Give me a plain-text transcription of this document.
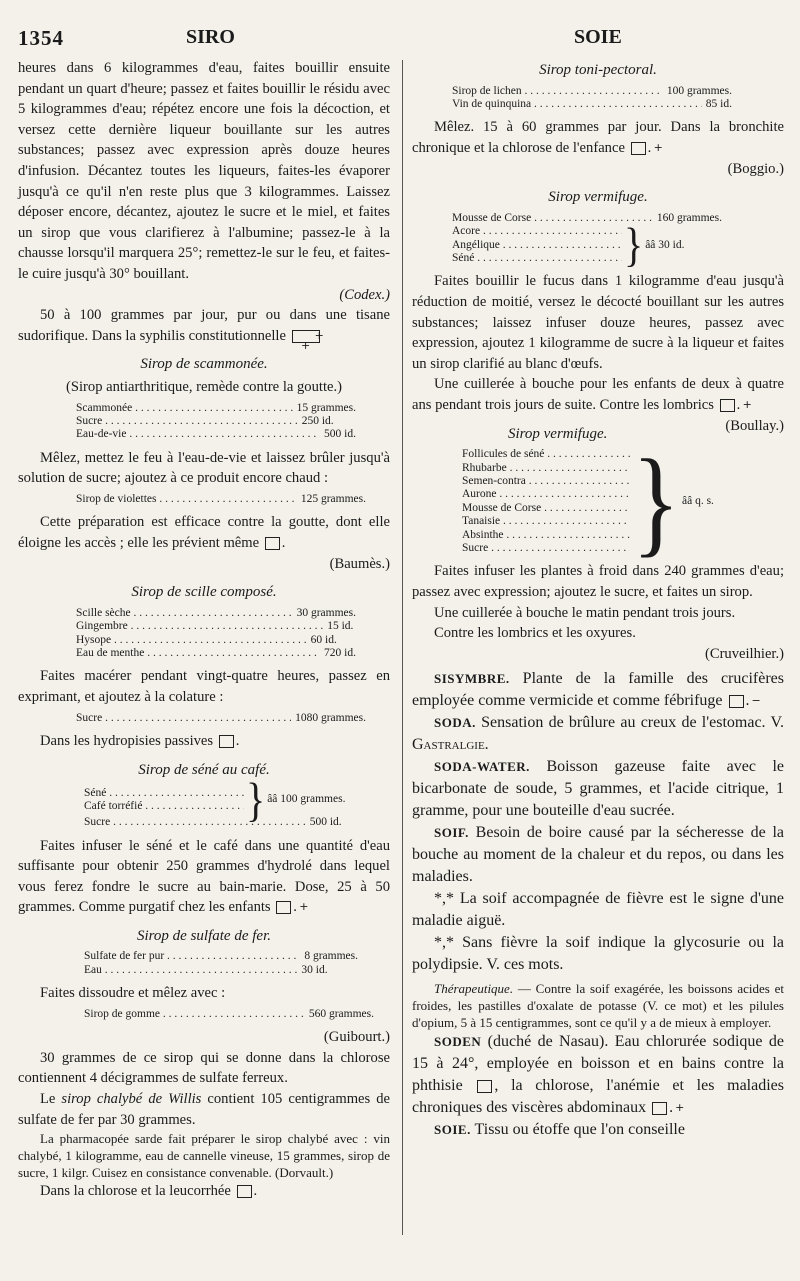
1354	SIRO	SOIE

heures dans 6 kilogrammes d'eau, faites bouillir ensuite pendant un quart d'heure; passez et faites bouillir le résidu avec 5 kilogrammes d'eau; répétez encore une fois la décoction, et versez cette dernière liqueur bouillante sur les autres substances; passez avec expression après douze heures d'infusion. Décantez toutes les liqueurs, faites-les évaporer jusqu'à ce qu'il n'en reste plus que 3 kilogrammes. Laissez déposer encore, décantez, ajoutez le sucre et le miel, et faites un sirop que vous clarifierez à l'albumine; passez-le à la chausse lorsqu'il marquera 25°; remettez-le sur le feu, et faites-le cuire jusqu'à 30° bouillant.

(Codex.)

50 à 100 grammes par jour, pur ou dans une tisane sudorifique. Dans la syphilis constitutionnelle	+ +

Sirop de scammonée.

(Sirop antiarthritique, remède contre la goutte.)

Scammonée . . .	15 grammes.
Sucre . . .	250 id.
Eau-de-vie . . .	500 id.

Mêlez, mettez le feu à l'eau-de-vie et laissez brûler jusqu'à solution de sucre; ajoutez à ce produit encore chaud :

Sirop de violettes . . .	125 grammes.

Cette préparation est efficace contre la goutte, dont elle éloigne les accès ; elle les prévient même .

(Baumès.)

Sirop de scille composé.
Scille sèche . . .	30 grammes.
Gingembre . . .	15 id.
Hysope . . .	60 id.
Eau de menthe . . .	720 id.

Faites macérer pendant vingt-quatre heures, passez en exprimant, et ajoutez à la colature :

Sucre . . .	1080 grammes.

Dans les hydropisies passives .

Sirop de séné au café.
Séné . . .
Café torréfié . . .	} ââ 100 grammes.
Sucre . . .	500 id.

Faites infuser le séné et le café dans une quantité d'eau suffisante pour obtenir 250 grammes d'hydrolé dans lequel vous ferez fondre le sucre au bain-marie. Dose, 25 à 50 grammes. Comme purgatif chez les enfants	+.

Sirop de sulfate de fer.
Sulfate de fer pur . . .	8 grammes.
Eau . . .	30 id.

Faites dissoudre et mêlez avec :

Sirop de gomme . . .	560 grammes.

(Guibourt.)

30 grammes de ce sirop qui se donne dans la chlorose contiennent 4 décigrammes de sulfate ferreux.

Le sirop chalybé de Willis contient 105 centigrammes de sulfate de fer par 30 grammes.

La pharmacopée sarde fait préparer le sirop chalybé avec : vin chalybé, 1 kilogramme, eau de cannelle vineuse, 15 grammes, sirop de sucre, 1 kilgr. Cuisez en consistance convenable. (Dorvault.)

Dans la chlorose et la leucorrhée .

Sirop toni-pectoral.
Sirop de lichen . . .	100 grammes.
Vin de quinquina . . .	85 id.

Mêlez. 15 à 60 grammes par jour. Dans la bronchite chronique et la chlorose de l'enfance	+.

(Boggio.)

Sirop vermifuge.
Mousse de Corse . . .	160 grammes.
Acore . . .
Angélique . . .
Séné . . .	} ââ 30 id.

Faites bouillir le fucus dans 1 kilogramme d'eau jusqu'à réduction de moitié, versez le décocté bouillant sur les autres substances; laissez infuser douze heures, passez avec expression, ajoutez 1 kilogramme de sucre à la liqueur et faites un sirop clarifié au blanc d'œufs.

Une cuillerée à bouche pour les enfants de deux à quatre ans pendant trois jours de suite. Contre les lombrics	+.
(Boullay.)

Sirop vermifuge.
Follicules de séné . . .
Rhubarbe . . .
Semen-contra . . .
Aurone . . .
Mousse de Corse . . .
Tanaisie . . .
Absinthe . . .
Sucre . . .	} ââ q. s.

Faites infuser les plantes à froid dans 240 grammes d'eau; passez avec expression; ajoutez le sucre, et faites un sirop.

Une cuillerée à bouche le matin pendant trois jours.

Contre les lombrics et les oxyures.

(Cruveilhier.)

SISYMBRE. Plante de la famille des crucifères employée comme vermicide et comme fébrifuge	−.

SODA. Sensation de brûlure au creux de l'estomac. V. Gastralgie.

SODA-WATER. Boisson gazeuse faite avec le bicarbonate de soude, 5 grammes, et l'acide citrique, 1 gramme, pour une bouteille d'eau sucrée.

SOIF. Besoin de boire causé par la sécheresse de la bouche au moment de la chaleur et du repos, ou dans les maladies.

*,* La soif accompagnée de fièvre est le signe d'une maladie aiguë.

*,* Sans fièvre la soif indique la glycosurie ou la polydipsie. V. ces mots.

Thérapeutique. — Contre la soif exagérée, les boissons acides et froides, les pastilles d'oxalate de potasse (V. ce mot) et les pilules d'opium, 5 à 15 centigrammes, sont ce qu'il y a de mieux à employer.

SODEN (duché de Nasau). Eau chlorurée sodique de 15 à 24°, employée en boisson et en bains contre la phthisie , la chlorose, l'anémie et les maladies chroniques des viscères abdominaux	+.

SOIE. Tissu ou étoffe que l'on conseille
